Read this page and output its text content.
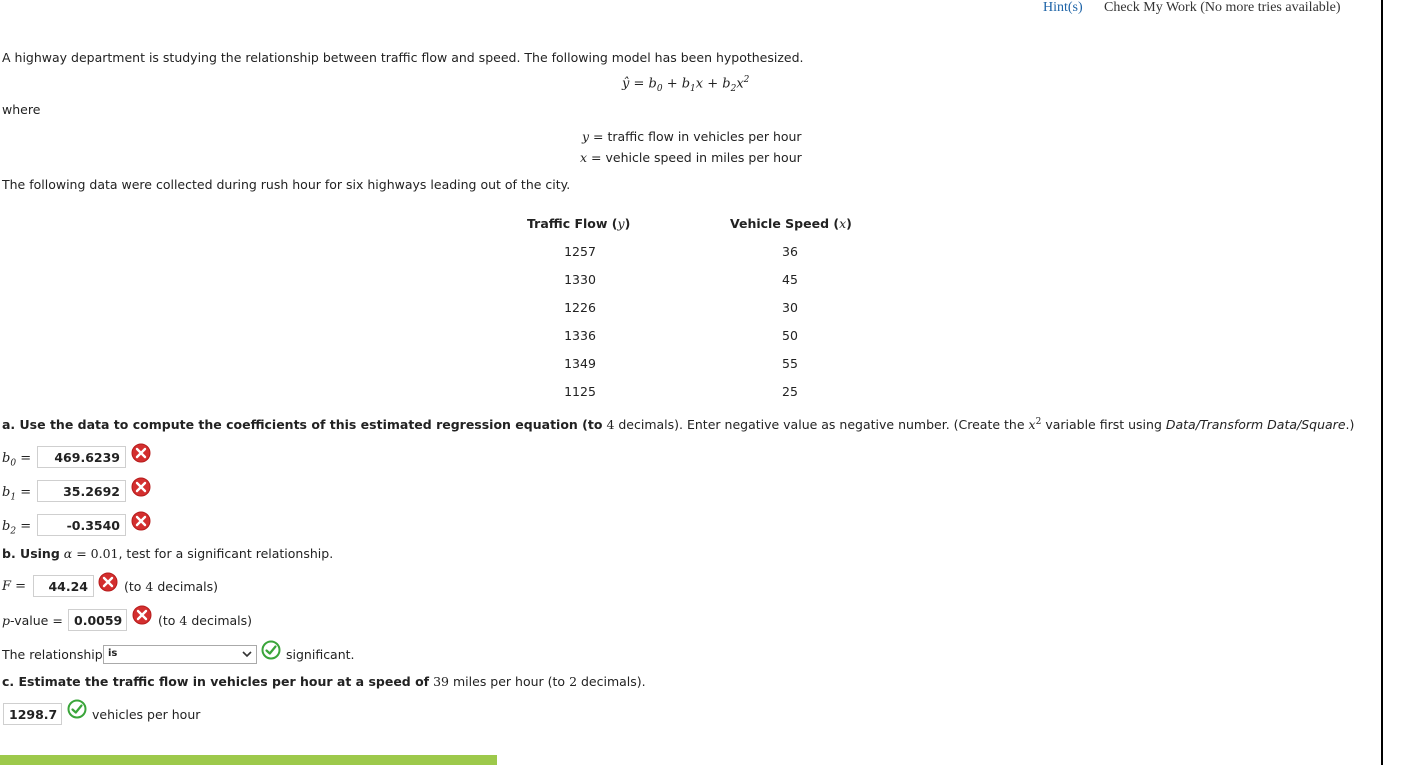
Hint(s) Check My Work (No more tries available)
A highway department is studying the relationship between traffic flow and speed. The following model has been hypothesized.
ŷ = $b_0 + b_1x + b_2x^2$
where
y = traffic flow in vehicles per hour
x = vehicle speed in miles per hour
The following data were collected during rush hour for six highways leading out of the city.
Traffic Flow (y)	Vehicle Speed (x)
1257	36
1330	45
1226	30
1336	50
1349	55
1125	25
a. Use the data to compute the coefficients of this estimated regression equation (to 4 decimals). Enter negative value as negative number. (Create the $x^2$ variable first using Data/Transform Data/Square.)
$b_0$ =	469.6239
$b_1$ =	35.2692
$b_2$ =	-0.3540
b. Using α = 0.01, test for a significant relationship.
F =	44.24	(to 4 decimals)
p-value = 0.0059	(to 4 decimals)
The relationship is	significant.
c. Estimate the traffic flow in vehicles per hour at a speed of 39 miles per hour (to 2 decimals).
1298.7	vehicles per hour
